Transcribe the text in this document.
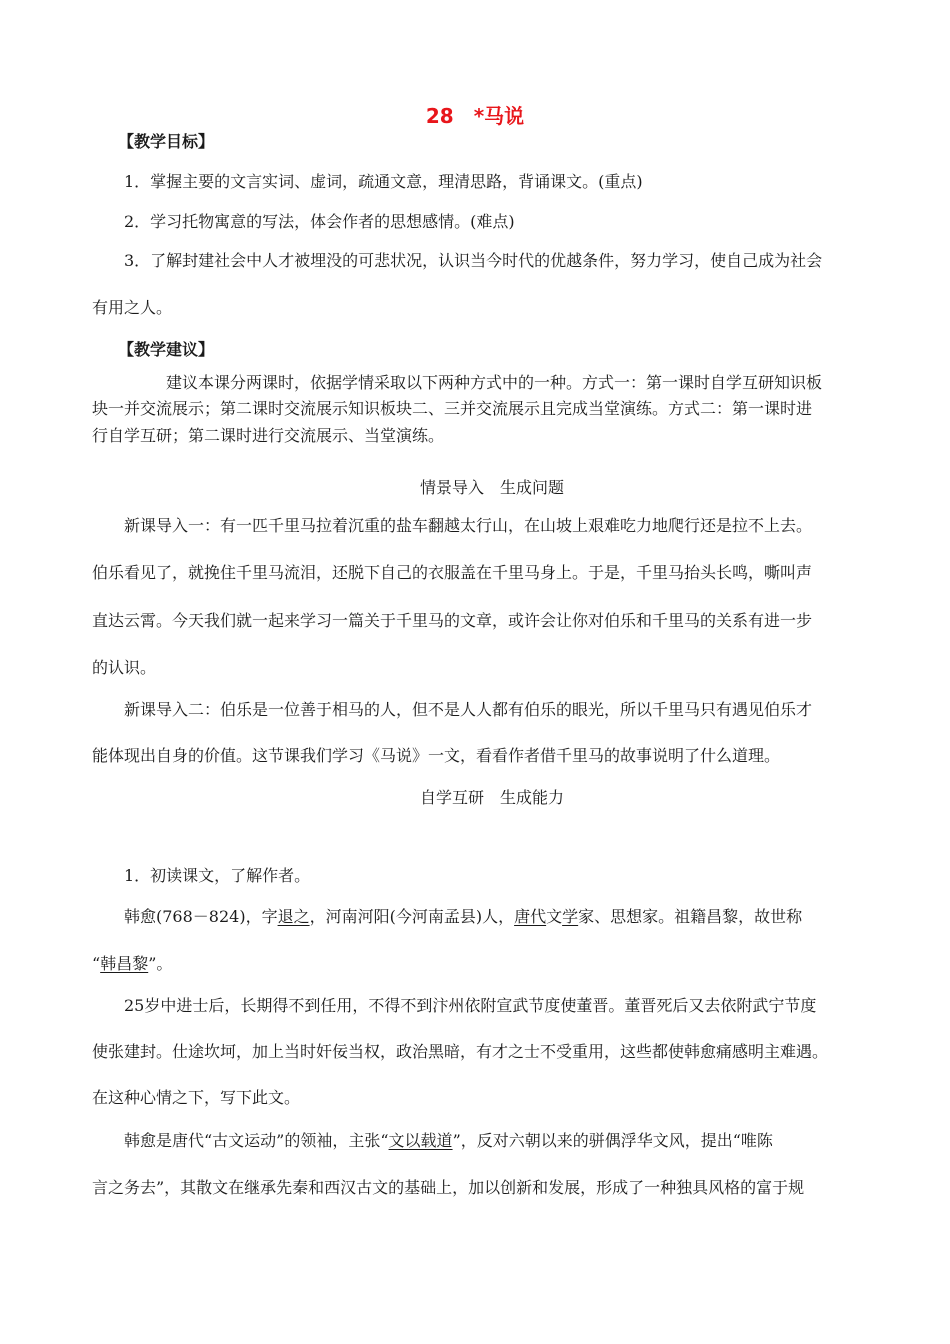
28 *马说
【教学目标】
1．掌握主要的文言实词、虚词，疏通文意，理清思路，背诵课文。(重点)
2．学习托物寓意的写法，体会作者的思想感情。(难点)
3．了解封建社会中人才被埋没的可悲状况，认识当今时代的优越条件，努力学习，使自己成为社会
有用之人。
【教学建议】
建议本课分两课时，依据学情采取以下两种方式中的一种。方式一：第一课时自学互研知识板
块一并交流展示；第二课时交流展示知识板块二、三并交流展示且完成当堂演练。方式二：第一课时进
行自学互研；第二课时进行交流展示、当堂演练。
情景导入　生成问题
新课导入一：有一匹千里马拉着沉重的盐车翻越太行山，在山坡上艰难吃力地爬行还是拉不上去。
伯乐看见了，就挽住千里马流泪，还脱下自己的衣服盖在千里马身上。于是，千里马抬头长鸣，嘶叫声
直达云霄。今天我们就一起来学习一篇关于千里马的文章，或许会让你对伯乐和千里马的关系有进一步
的认识。
新课导入二：伯乐是一位善于相马的人，但不是人人都有伯乐的眼光，所以千里马只有遇见伯乐才
能体现出自身的价值。这节课我们学习《马说》一文，看看作者借千里马的故事说明了什么道理。
自学互研　生成能力
1．初读课文，了解作者。
韩愈(768－824)，字退之，河南河阳(今河南孟县)人，唐代文学家、思想家。祖籍昌黎，故世称
“韩昌黎”。
25岁中进士后，长期得不到任用，不得不到汴州依附宣武节度使董晋。董晋死后又去依附武宁节度
使张建封。仕途坎坷，加上当时奸佞当权，政治黑暗，有才之士不受重用，这些都使韩愈痛感明主难遇。
在这种心情之下，写下此文。
韩愈是唐代“古文运动”的领袖，主张“文以载道”，反对六朝以来的骈偶浮华文风，提出“唯陈
言之务去”，其散文在继承先秦和西汉古文的基础上，加以创新和发展，形成了一种独具风格的富于规
